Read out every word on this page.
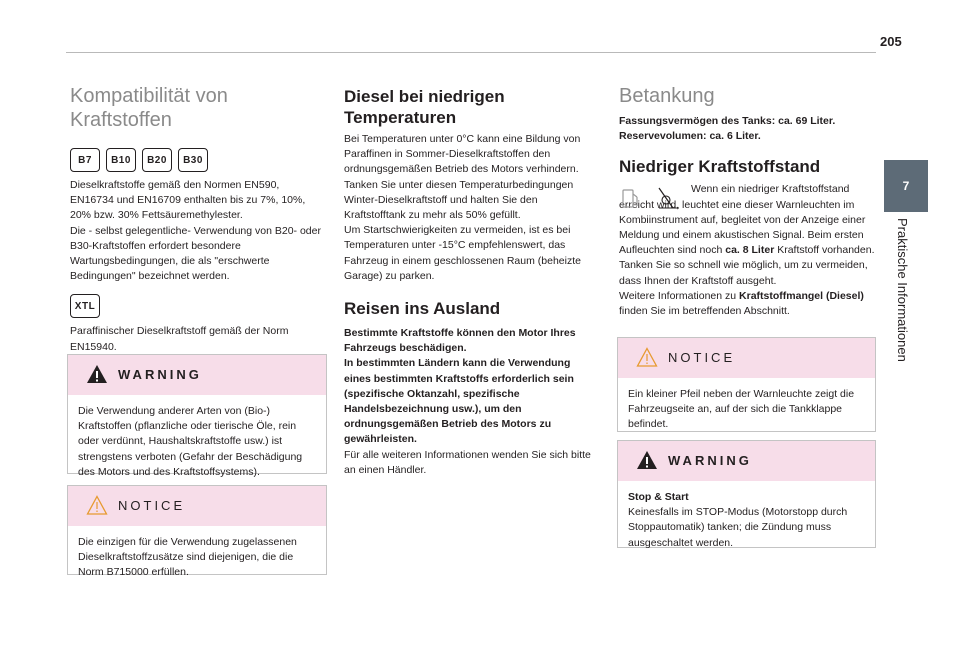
205
7
Praktische Informationen
Kompatibilität von Kraftstoffen
B7	B10	B20	B30
Dieselkraftstoffe gemäß den Normen EN590, EN16734 und EN16709 enthalten bis zu 7%, 10%, 20% bzw. 30% Fettsäuremethylester.
Die - selbst gelegentliche- Verwendung von B20- oder B30-Kraftstoffen erfordert besondere Wartungsbedingungen, die als "erschwerte Bedingungen" bezeichnet werden.
XTL
Paraffinischer Dieselkraftstoff gemäß der Norm EN15940.
WARNING
Die Verwendung anderer Arten von (Bio-) Kraftstoffen (pflanzliche oder tierische Öle, rein oder verdünnt, Haushaltskraftstoffe usw.) ist strengstens verboten (Gefahr der Beschädigung des Motors und des Kraftstoffsystems).
NOTICE
Die einzigen für die Verwendung zugelassenen Dieselkraftstoffzusätze sind diejenigen, die die Norm B715000 erfüllen.
Diesel bei niedrigen Temperaturen
Bei Temperaturen unter 0°C kann eine Bildung von Paraffinen in Sommer-Dieselkraftstoffen den ordnungsgemäßen Betrieb des Motors verhindern. Tanken Sie unter diesen Temperaturbedingungen Winter-Dieselkraftstoff und halten Sie den Kraftstofftank zu mehr als 50% gefüllt.
Um Startschwierigkeiten zu vermeiden, ist es bei Temperaturen unter -15°C empfehlenswert, das Fahrzeug in einem geschlossenen Raum (beheizte Garage) zu parken.
Reisen ins Ausland
Bestimmte Kraftstoffe können den Motor Ihres Fahrzeugs beschädigen.
In bestimmten Ländern kann die Verwendung eines bestimmten Kraftstoffs erforderlich sein (spezifische Oktanzahl, spezifische Handelsbezeichnung usw.), um den ordnungsgemäßen Betrieb des Motors zu gewährleisten.
Für alle weiteren Informationen wenden Sie sich bitte an einen Händler.
Betankung
Fassungsvermögen des Tanks: ca. 69 Liter.
Reservevolumen: ca. 6 Liter.
Niedriger Kraftstoffstand
Wenn ein niedriger Kraftstoffstand erreicht wird, leuchtet eine dieser Warnleuchten im Kombiinstrument auf, begleitet von der Anzeige einer Meldung und einem akustischen Signal. Beim ersten Aufleuchten sind noch ca. 8 Liter Kraftstoff vorhanden.
Tanken Sie so schnell wie möglich, um zu vermeiden, dass Ihnen der Kraftstoff ausgeht.
Weitere Informationen zu Kraftstoffmangel (Diesel) finden Sie im betreffenden Abschnitt.
NOTICE
Ein kleiner Pfeil neben der Warnleuchte zeigt die Fahrzeugseite an, auf der sich die Tankklappe befindet.
WARNING
Stop & Start
Keinesfalls im STOP-Modus (Motorstopp durch Stoppautomatik) tanken; die Zündung muss ausgeschaltet werden.
